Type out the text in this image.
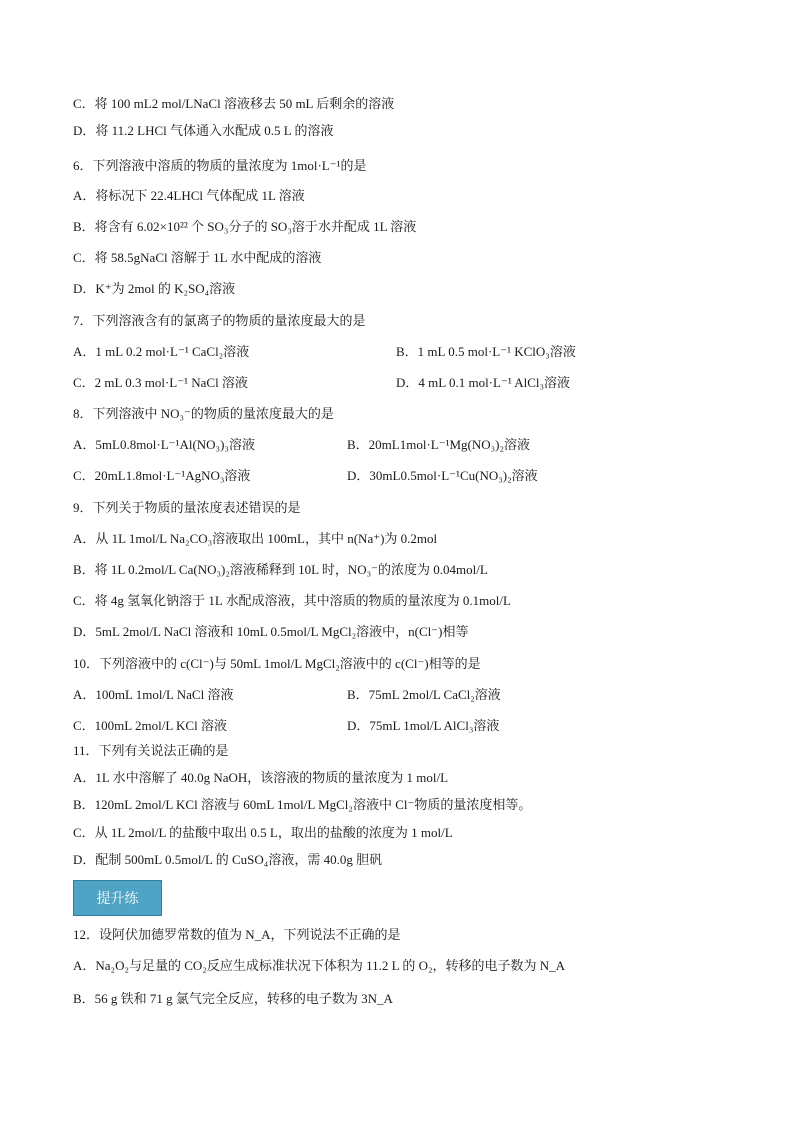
C．将 100 mL2 mol/LNaCl 溶液移去 50 mL 后剩余的溶液
D．将 11.2 LHCl 气体通入水配成 0.5 L 的溶液
6．下列溶液中溶质的物质的量浓度为 1mol·L⁻¹的是
A．将标况下 22.4LHCl 气体配成 1L 溶液
B．将含有 6.02×10²² 个 SO₃分子的 SO₃溶于水并配成 1L 溶液
C．将 58.5gNaCl 溶解于 1L 水中配成的溶液
D．K⁺为 2mol 的 K₂SO₄溶液
7．下列溶液含有的氯离子的物质的量浓度最大的是
A．1 mL 0.2 mol·L⁻¹ CaCl₂溶液	B．1 mL 0.5 mol·L⁻¹ KClO₃溶液
C．2 mL 0.3 mol·L⁻¹ NaCl 溶液	D．4 mL 0.1 mol·L⁻¹ AlCl₃溶液
8．下列溶液中 NO₃⁻的物质的量浓度最大的是
A．5mL0.8mol·L⁻¹Al(NO₃)₃溶液	B．20mL1mol·L⁻¹Mg(NO₃)₂溶液
C．20mL1.8mol·L⁻¹AgNO₃溶液	D．30mL0.5mol·L⁻¹Cu(NO₃)₂溶液
9．下列关于物质的量浓度表述错误的是
A．从 1L 1mol/L Na₂CO₃溶液取出 100mL，其中 n(Na⁺)为 0.2mol
B．将 1L 0.2mol/L Ca(NO₃)₂溶液稀释到 10L 时，NO₃⁻的浓度为 0.04mol/L
C．将 4g 氢氧化钠溶于 1L 水配成溶液，其中溶质的物质的量浓度为 0.1mol/L
D．5mL 2mol/L NaCl 溶液和 10mL 0.5mol/L MgCl₂溶液中，n(Cl⁻)相等
10．下列溶液中的 c(Cl⁻)与 50mL 1mol/L MgCl₂溶液中的 c(Cl⁻)相等的是
A．100mL 1mol/L NaCl 溶液	B．75mL 2mol/L CaCl₂溶液
C．100mL 2mol/L KCl 溶液	D．75mL 1mol/L AlCl₃溶液
11．下列有关说法正确的是
A．1L 水中溶解了 40.0g NaOH，该溶液的物质的量浓度为 1 mol/L
B．120mL 2mol/L KCl 溶液与 60mL 1mol/L MgCl₂溶液中 Cl⁻物质的量浓度相等。
C．从 1L 2mol/L 的盐酸中取出 0.5 L，取出的盐酸的浓度为 1 mol/L
D．配制 500mL 0.5mol/L 的 CuSO₄溶液，需 40.0g 胆矾
提升练
12．设阿伏加德罗常数的值为 N_A，下列说法不正确的是
A．Na₂O₂与足量的 CO₂反应生成标准状况下体积为 11.2 L 的 O₂，转移的电子数为 N_A
B．56 g 铁和 71 g 氯气完全反应，转移的电子数为 3N_A
